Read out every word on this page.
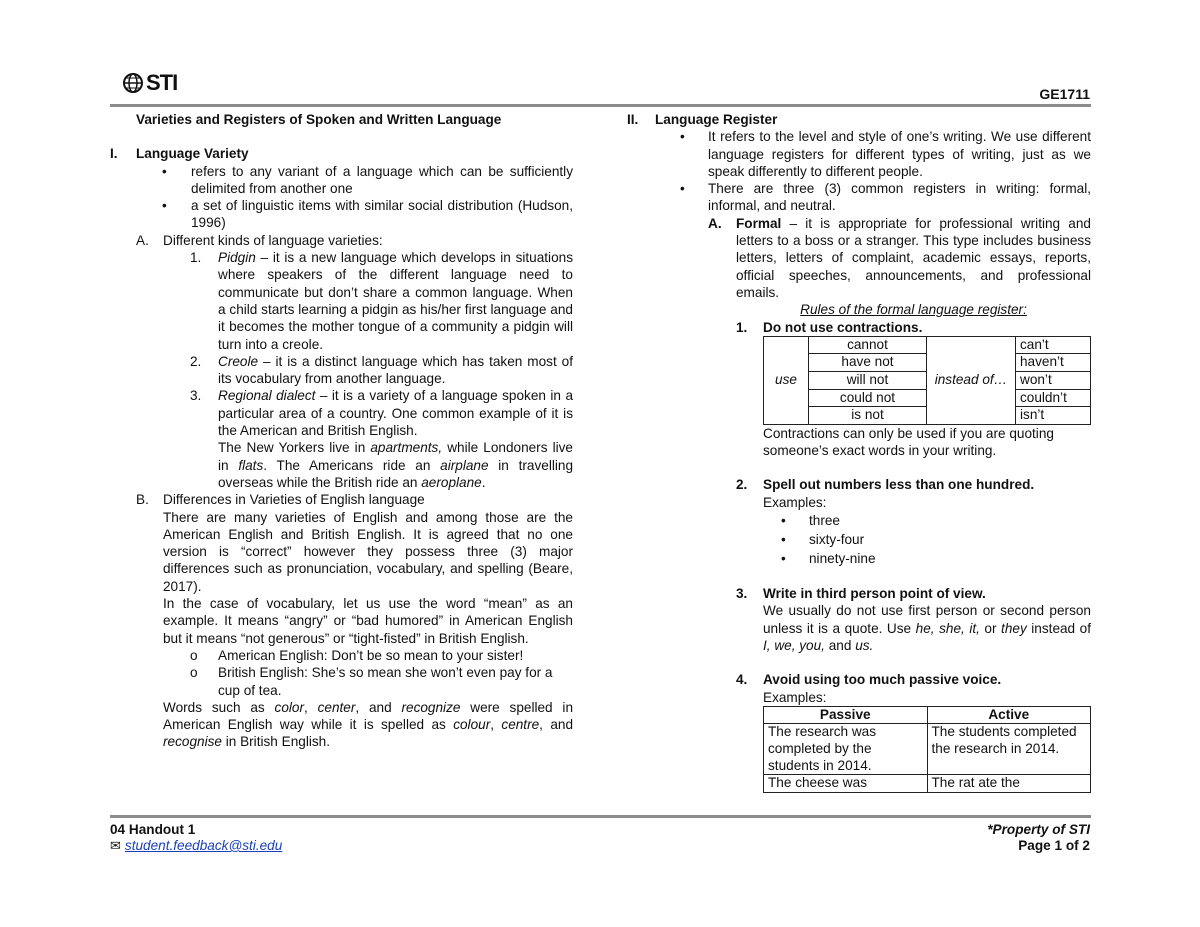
STI	GE1711

Varieties and Registers of Spoken and Written Language

I.	Language Variety
•	refers to any variant of a language which can be sufficiently delimited from another one
•	a set of linguistic items with similar social distribution (Hudson, 1996)
A.	Different kinds of language varieties:
1.	Pidgin – it is a new language which develops in situations where speakers of the different language need to communicate but don’t share a common language. When a child starts learning a pidgin as his/her first language and it becomes the mother tongue of a community a pidgin will turn into a creole.
2.	Creole – it is a distinct language which has taken most of its vocabulary from another language.
3.	Regional dialect – it is a variety of a language spoken in a particular area of a country. One common example of it is the American and British English.

The New Yorkers live in apartments, while Londoners live in flats. The Americans ride an airplane in travelling overseas while the British ride an aeroplane.

B.	Differences in Varieties of English language

There are many varieties of English and among those are the American English and British English. It is agreed that no one version is “correct” however they possess three (3) major differences such as pronunciation, vocabulary, and spelling (Beare, 2017).

In the case of vocabulary, let us use the word “mean” as an example. It means “angry” or “bad humored” in American English but it means “not generous” or “tight-fisted” in British English.

o	American English: Don’t be so mean to your sister!
o	British English: She’s so mean she won’t even pay for a cup of tea.

Words such as color, center, and recognize were spelled in American English way while it is spelled as colour, centre, and recognise in British English.

II.	Language Register
•	It refers to the level and style of one’s writing. We use different language registers for different types of writing, just as we speak differently to different people.
•	There are three (3) common registers in writing: formal, informal, and neutral.
A.	Formal – it is appropriate for professional writing and letters to a boss or a stranger. This type includes business letters, letters of complaint, academic essays, reports, official speeches, announcements, and professional emails.

Rules of the formal language register:

1.	Do not use contractions.
use	cannot	instead of…	can’t
	have not		haven’t
	will not		won’t
	could not		couldn’t
	is not		isn’t

Contractions can only be used if you are quoting someone’s exact words in your writing.

2.	Spell out numbers less than one hundred.

Examples:

•	three
•	sixty-four
•	ninety-nine
3.	Write in third person point of view.

We usually do not use first person or second person unless it is a quote. Use he, she, it, or they instead of I, we, you, and us.

4.	Avoid using too much passive voice.

Examples:

Passive	Active
The research was completed by the students in 2014.	The students completed the research in 2014.
The cheese was	The rat ate the
04 Handout 1
✉ student.feedback@sti.edu
*Property of STI
Page 1 of 2
